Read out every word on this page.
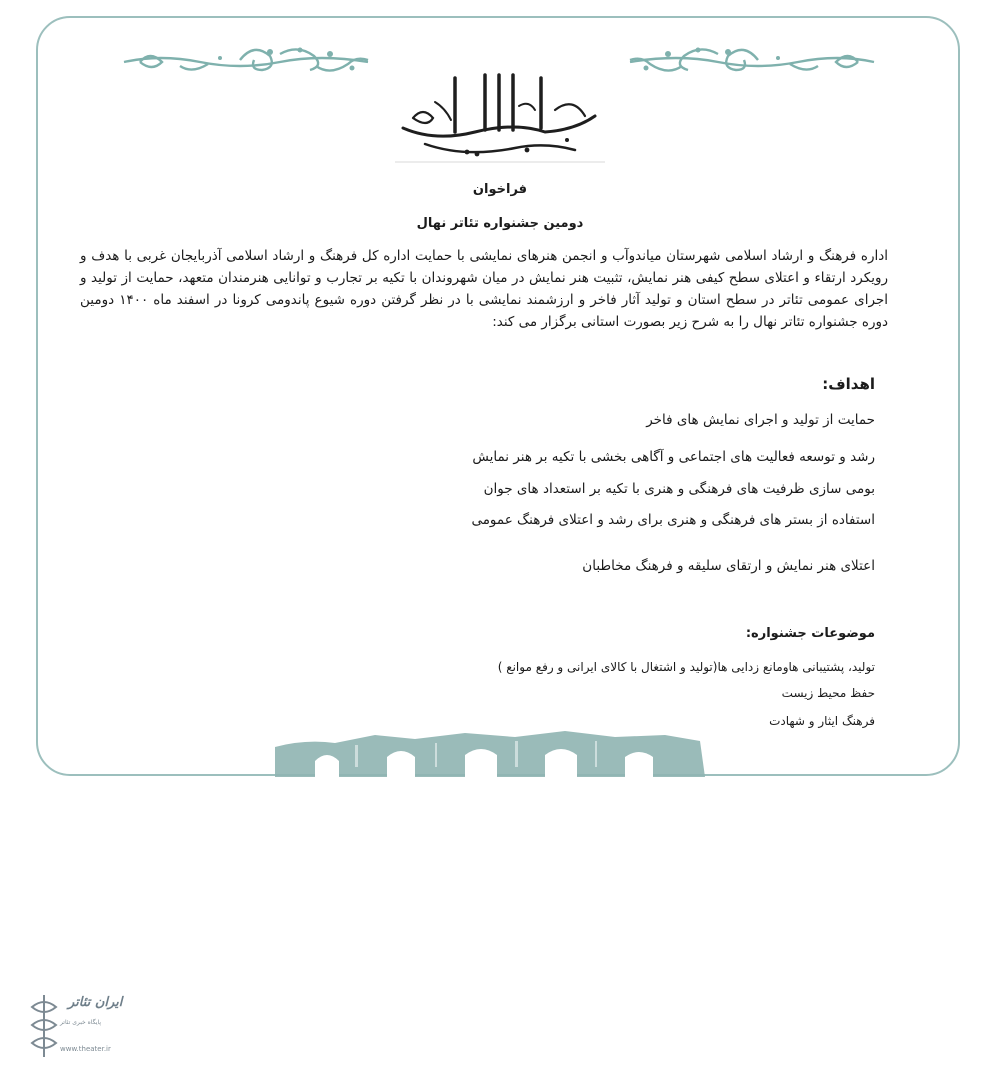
فراخوان
دومین جشنواره تئاتر نهال
اداره فرهنگ و ارشاد اسلامی شهرستان میاندوآب و انجمن هنرهای نمایشی با حمایت اداره کل فرهنگ و ارشاد اسلامی آذربایجان غربی با هدف و رویکرد ارتقاء و اعتلای سطح کیفی هنر نمایش، تثبیت هنر نمایش در میان شهروندان با تکیه بر تجارب و توانایی هنرمندان متعهد، حمایت از تولید و اجرای عمومی تئاتر در سطح استان و تولید آثار فاخر و ارزشمند نمایشی با در نظر گرفتن دوره شیوع پاندومی کرونا در اسفند ماه ۱۴۰۰ دومین دوره جشنواره تئاتر نهال را به شرح زیر بصورت استانی برگزار می کند:
اهداف:
حمایت از تولید و اجرای نمایش های فاخر
رشد و توسعه فعالیت های اجتماعی و آگاهی بخشی با تکیه بر هنر نمایش
بومی سازی ظرفیت های فرهنگی و هنری با تکیه بر استعداد های جوان
استفاده از بستر های فرهنگی و هنری برای رشد و اعتلای فرهنگ عمومی
اعتلای هنر نمایش و ارتقای سلیقه و فرهنگ مخاطبان
موضوعات جشنواره:
تولید، پشتیبانی هاومانع زدایی ها(تولید و اشتغال با کالای ایرانی و رفع موانع )
حفظ محیط زیست
فرهنگ ایثار و شهادت
ایران تئاتر
پایگاه خبری تئاتر
www.theater.ir
